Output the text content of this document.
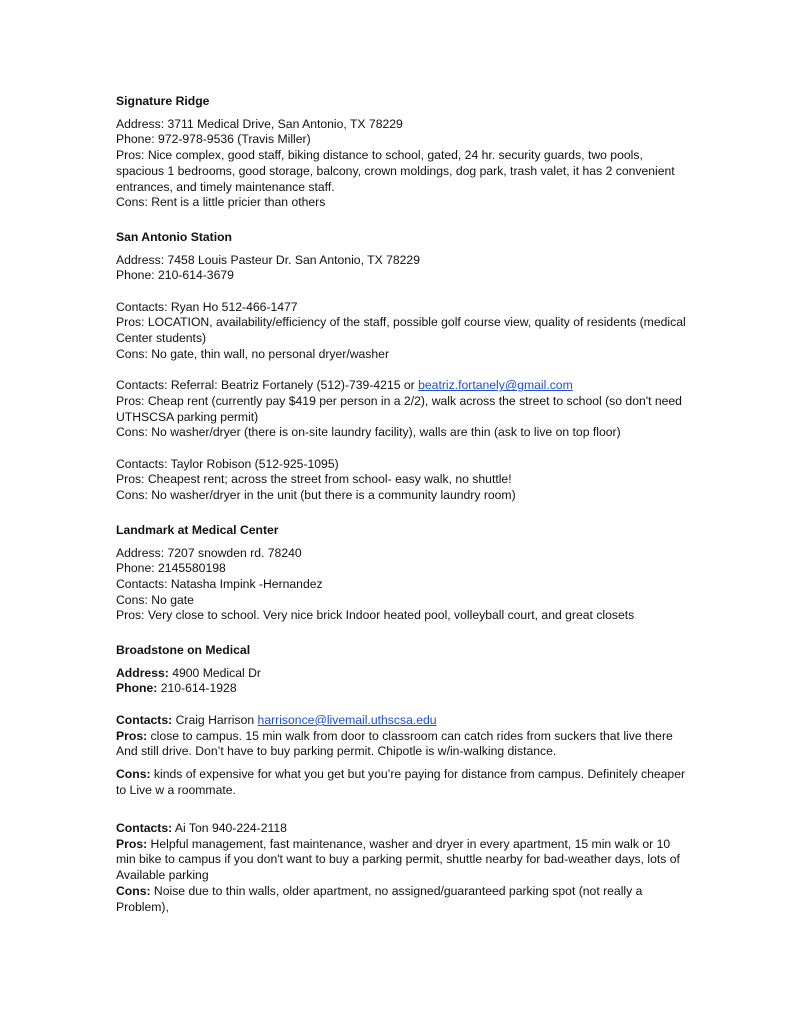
Signature Ridge
Address: 3711 Medical Drive, San Antonio, TX 78229
Phone: 972-978-9536 (Travis Miller)
Pros: Nice complex, good staff, biking distance to school, gated, 24 hr. security guards, two pools,
spacious 1 bedrooms, good storage, balcony, crown moldings, dog park, trash valet, it has 2 convenient
entrances, and timely maintenance staff.
Cons: Rent is a little pricier than others
San Antonio Station
Address: 7458 Louis Pasteur Dr. San Antonio, TX 78229
Phone: 210-614-3679
Contacts: Ryan Ho 512-466-1477
Pros: LOCATION, availability/efficiency of the staff, possible golf course view, quality of residents (medical
Center students)
Cons: No gate, thin wall, no personal dryer/washer
Contacts: Referral: Beatriz Fortanely (512)-739-4215 or beatriz.fortanely@gmail.com
Pros: Cheap rent (currently pay $419 per person in a 2/2), walk across the street to school (so don't need
UTHSCSA parking permit)
Cons: No washer/dryer (there is on-site laundry facility), walls are thin (ask to live on top floor)
Contacts: Taylor Robison (512-925-1095)
Pros: Cheapest rent; across the street from school- easy walk, no shuttle!
Cons: No washer/dryer in the unit (but there is a community laundry room)
Landmark at Medical Center
Address: 7207 snowden rd. 78240
Phone: 2145580198
Contacts: Natasha Impink -Hernandez
Cons: No gate
Pros: Very close to school. Very nice brick Indoor heated pool, volleyball court, and great closets
Broadstone on Medical
Address: 4900 Medical Dr
Phone: 210-614-1928
Contacts: Craig Harrison harrisonce@livemail.uthscsa.edu
Pros: close to campus. 15 min walk from door to classroom can catch rides from suckers that live there
And still drive. Don’t have to buy parking permit. Chipotle is w/in-walking distance.
Cons: kinds of expensive for what you get but you’re paying for distance from campus. Definitely cheaper
to Live w a roommate.
Contacts: Ai Ton 940-224-2118
Pros: Helpful management, fast maintenance, washer and dryer in every apartment, 15 min walk or 10
min bike to campus if you don't want to buy a parking permit, shuttle nearby for bad-weather days, lots of
Available parking
Cons: Noise due to thin walls, older apartment, no assigned/guaranteed parking spot (not really a
Problem),
